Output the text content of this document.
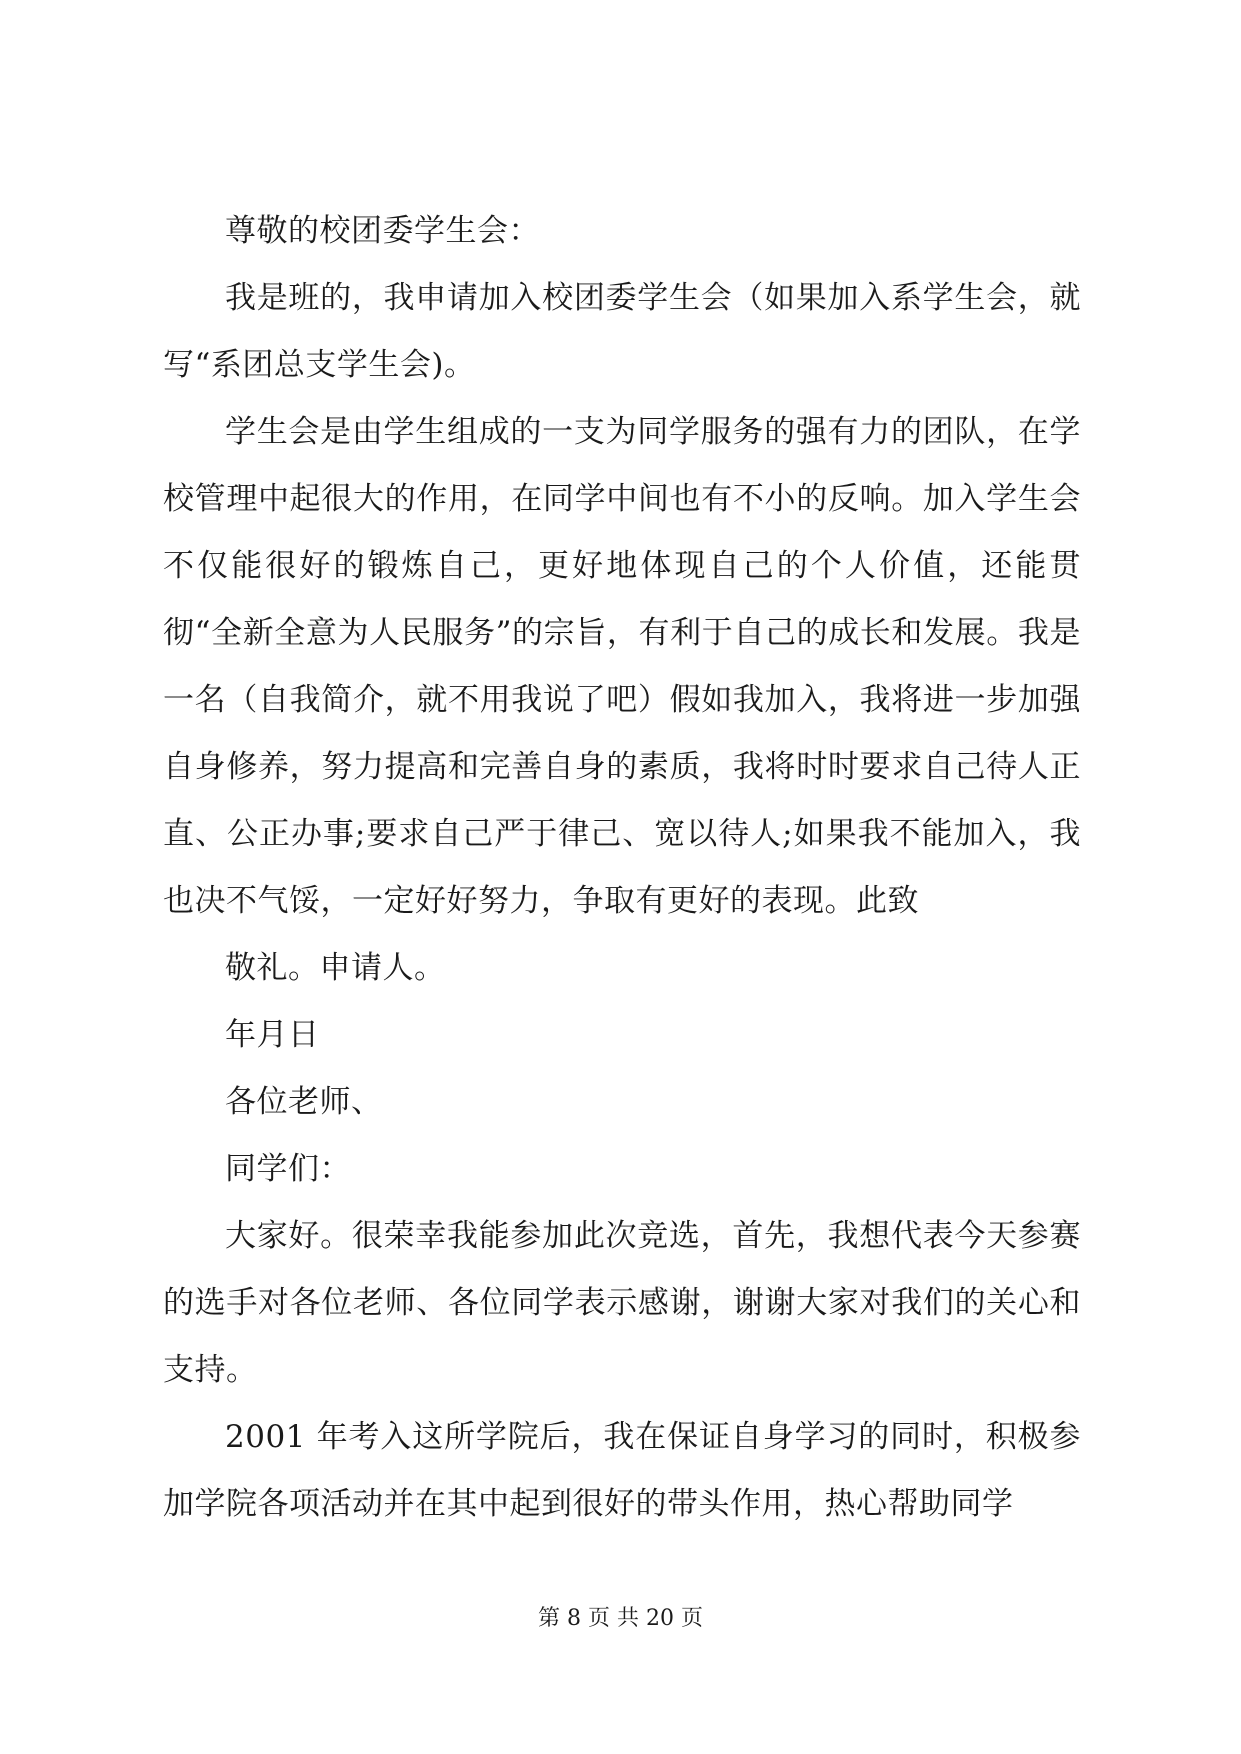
尊敬的校团委学生会：

我是班的，我申请加入校团委学生会（如果加入系学生会，就写“系团总支学生会)。

学生会是由学生组成的一支为同学服务的强有力的团队，在学校管理中起很大的作用，在同学中间也有不小的反响。加入学生会不仅能很好的锻炼自己，更好地体现自己的个人价值，还能贯彻“全新全意为人民服务”的宗旨，有利于自己的成长和发展。我是一名（自我简介，就不用我说了吧）假如我加入，我将进一步加强自身修养，努力提高和完善自身的素质，我将时时要求自己待人正直、公正办事;要求自己严于律己、宽以待人;如果我不能加入，我也决不气馁，一定好好努力，争取有更好的表现。此致

敬礼。申请人。

年月日

各位老师、

同学们：

大家好。很荣幸我能参加此次竞选，首先，我想代表今天参赛的选手对各位老师、各位同学表示感谢，谢谢大家对我们的关心和支持。

2001 年考入这所学院后，我在保证自身学习的同时，积极参加学院各项活动并在其中起到很好的带头作用，热心帮助同学

第 8 页 共 20 页
